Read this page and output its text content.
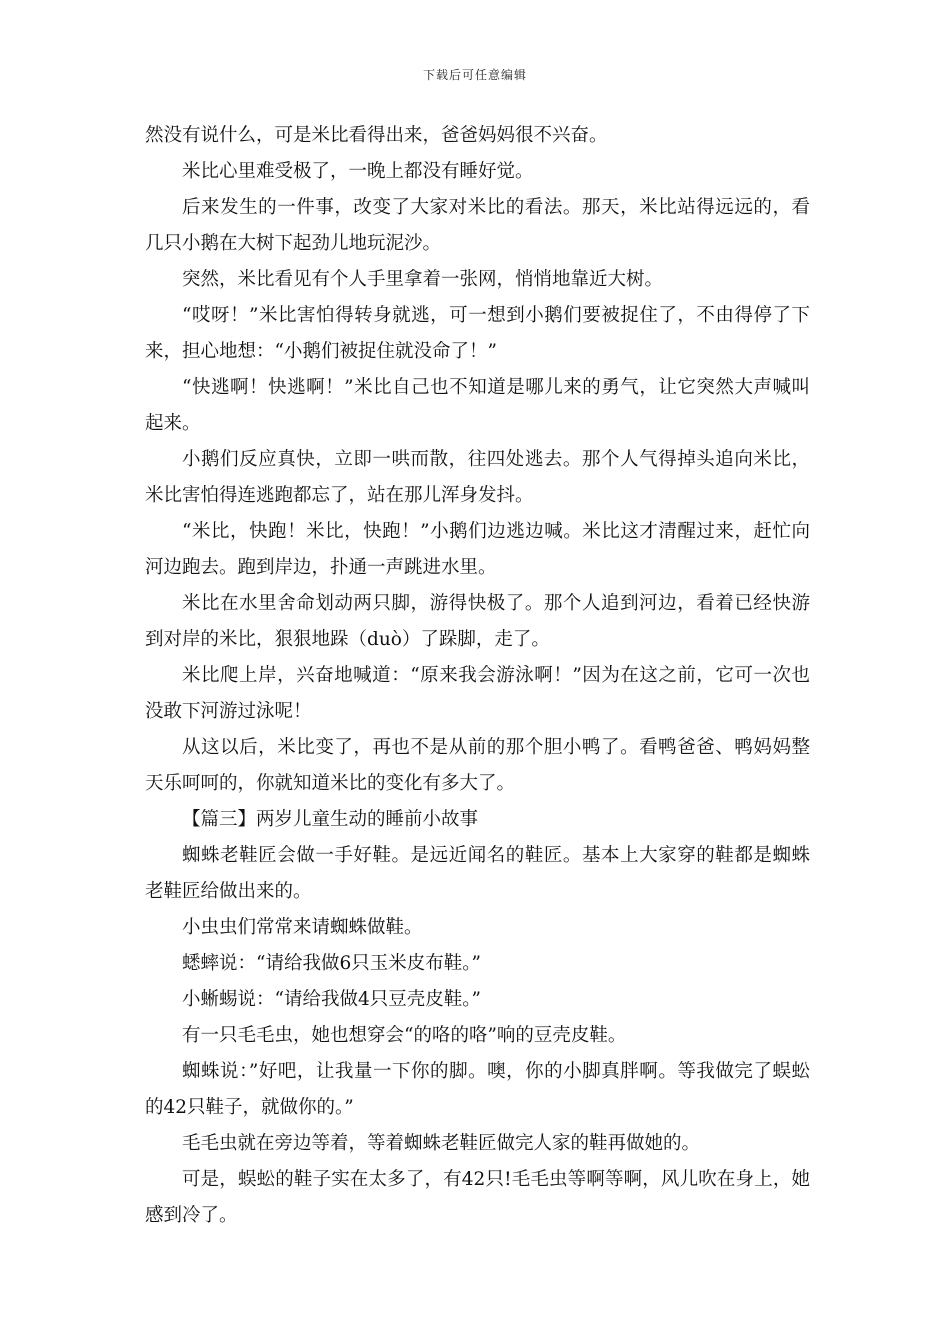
下载后可任意编辑

然没有说什么，可是米比看得出来，爸爸妈妈很不兴奋。

米比心里难受极了，一晚上都没有睡好觉。

后来发生的一件事，改变了大家对米比的看法。那天，米比站得远远的，看几只小鹅在大树下起劲儿地玩泥沙。

突然，米比看见有个人手里拿着一张网，悄悄地靠近大树。

“哎呀！”米比害怕得转身就逃，可一想到小鹅们要被捉住了，不由得停了下来，担心地想：“小鹅们被捉住就没命了！”

“快逃啊！快逃啊！”米比自己也不知道是哪儿来的勇气，让它突然大声喊叫起来。

小鹅们反应真快，立即一哄而散，往四处逃去。那个人气得掉头追向米比，米比害怕得连逃跑都忘了，站在那儿浑身发抖。

“米比，快跑！米比，快跑！”小鹅们边逃边喊。米比这才清醒过来，赶忙向河边跑去。跑到岸边，扑通一声跳进水里。

米比在水里舍命划动两只脚，游得快极了。那个人追到河边，看着已经快游到对岸的米比，狠狠地跺（duò）了跺脚，走了。

米比爬上岸，兴奋地喊道：“原来我会游泳啊！”因为在这之前，它可一次也没敢下河游过泳呢！

从这以后，米比变了，再也不是从前的那个胆小鸭了。看鸭爸爸、鸭妈妈整天乐呵呵的，你就知道米比的变化有多大了。

【篇三】两岁儿童生动的睡前小故事

蜘蛛老鞋匠会做一手好鞋。是远近闻名的鞋匠。基本上大家穿的鞋都是蜘蛛老鞋匠给做出来的。

小虫虫们常常来请蜘蛛做鞋。

蟋蟀说：“请给我做6只玉米皮布鞋。”

小蜥蜴说：“请给我做4只豆壳皮鞋。”

有一只毛毛虫，她也想穿会“的咯的咯”响的豆壳皮鞋。

蜘蛛说：”好吧，让我量一下你的脚。噢，你的小脚真胖啊。等我做完了蜈蚣的42只鞋子，就做你的。”

毛毛虫就在旁边等着，等着蜘蛛老鞋匠做完人家的鞋再做她的。

可是，蜈蚣的鞋子实在太多了，有42只!毛毛虫等啊等啊，风儿吹在身上，她感到冷了。
